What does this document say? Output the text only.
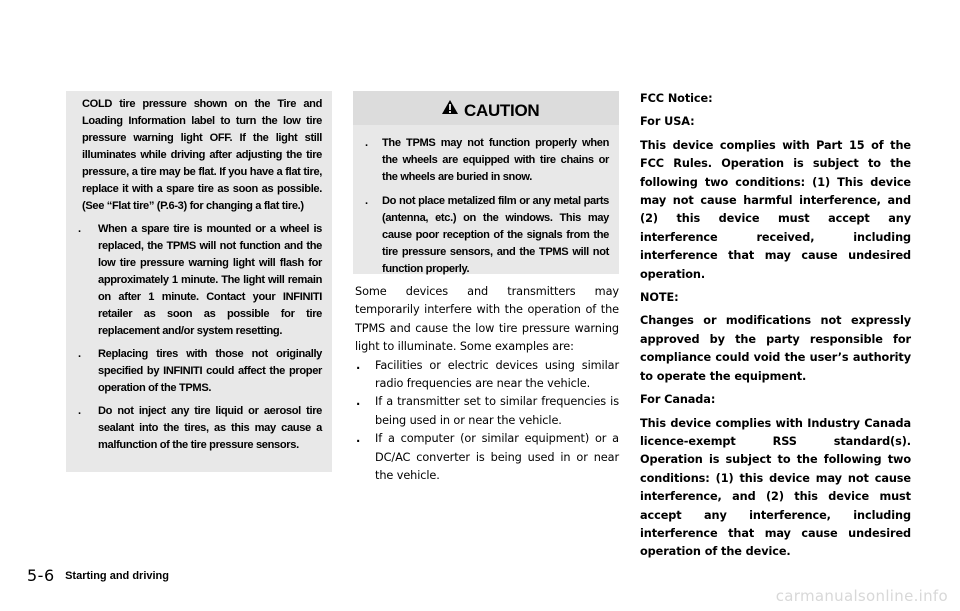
COLD tire pressure shown on the Tire and Loading Information label to turn the low tire pressure warning light OFF. If the light still illuminates while driving after adjusting the tire pressure, a tire may be flat. If you have a flat tire, replace it with a spare tire as soon as possible. (See “Flat tire” (P.6-3) for changing a flat tire.)

. When a spare tire is mounted or a wheel is replaced, the TPMS will not function and the low tire pressure warning light will flash for approximately 1 minute. The light will remain on after 1 minute. Contact your INFINITI retailer as soon as possible for tire replacement and/or system resetting.

. Replacing tires with those not originally specified by INFINITI could affect the proper operation of the TPMS.

. Do not inject any tire liquid or aerosol tire sealant into the tires, as this may cause a malfunction of the tire pressure sensors.

CAUTION
. The TPMS may not function properly when the wheels are equipped with tire chains or the wheels are buried in snow.

. Do not place metalized film or any metal parts (antenna, etc.) on the windows. This may cause poor reception of the signals from the tire pressure sensors, and the TPMS will not function properly.

Some devices and transmitters may temporarily interfere with the operation of the TPMS and cause the low tire pressure warning light to illuminate. Some examples are:

. Facilities or electric devices using similar radio frequencies are near the vehicle.

. If a transmitter set to similar frequencies is being used in or near the vehicle.

. If a computer (or similar equipment) or a DC/AC converter is being used in or near the vehicle.

FCC Notice:

For USA:

This device complies with Part 15 of the FCC Rules. Operation is subject to the following two conditions: (1) This device may not cause harmful interference, and (2) this device must accept any interference received, including interference that may cause undesired operation.

NOTE:

Changes or modifications not expressly approved by the party responsible for compliance could void the user’s authority to operate the equipment.

For Canada:

This device complies with Industry Canada licence-exempt RSS standard(s). Operation is subject to the following two conditions: (1) this device may not cause interference, and (2) this device must accept any interference, including interference that may cause undesired operation of the device.

5-6 Starting and driving
carmanualsonline.info
